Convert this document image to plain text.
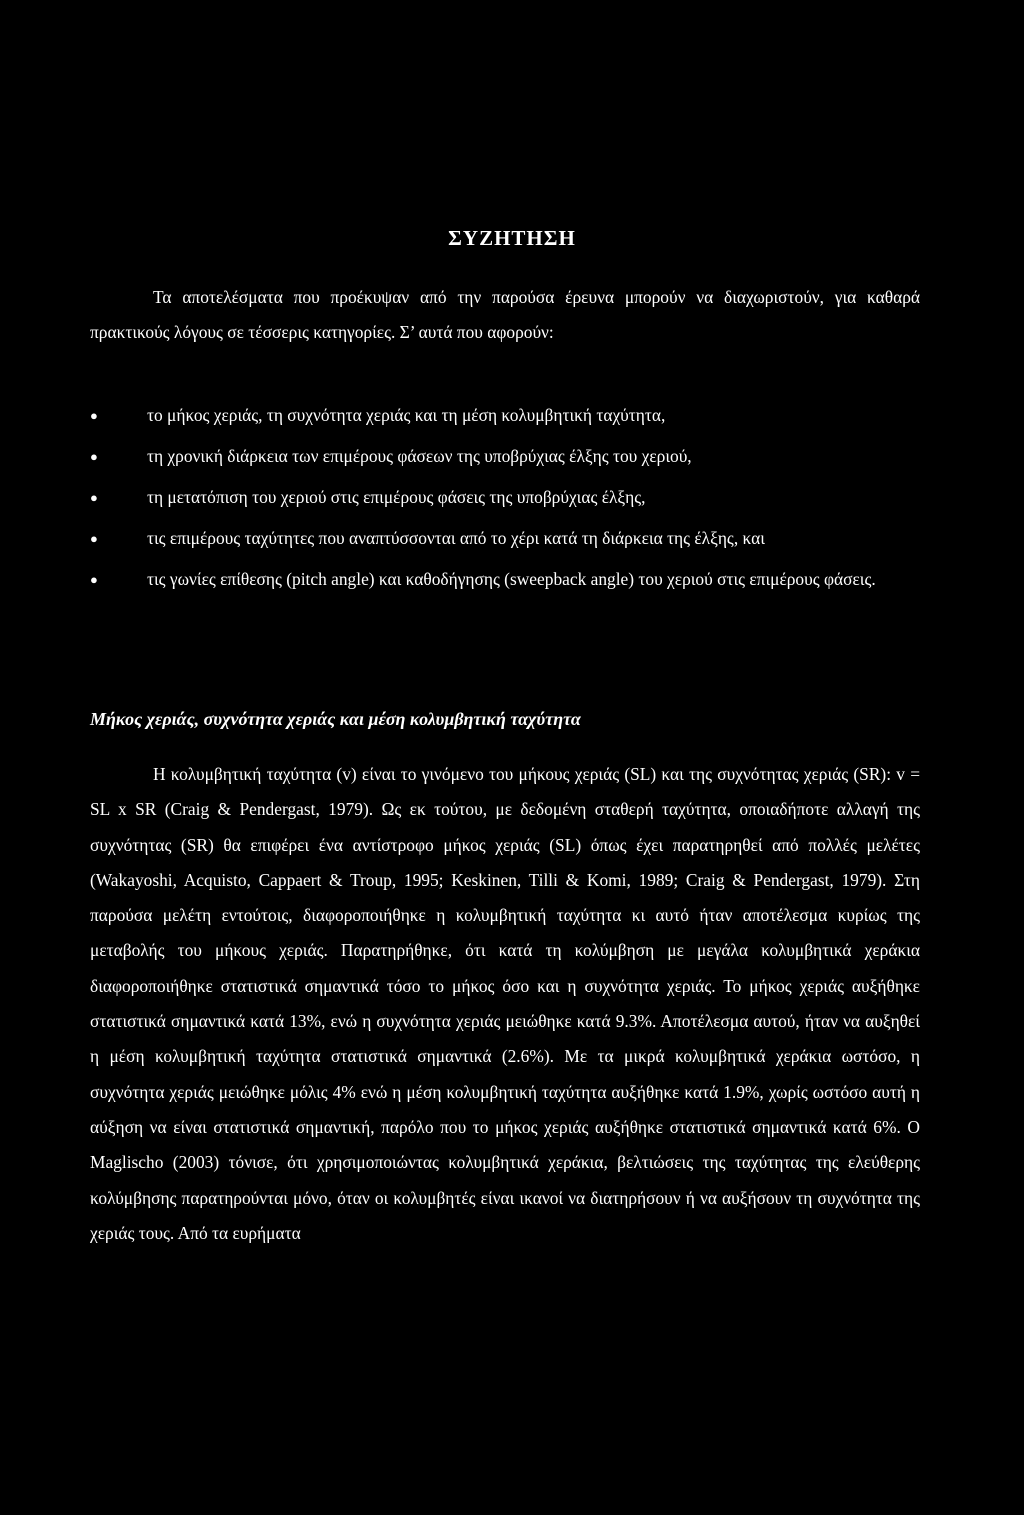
ΣΥΖΗΤΗΣΗ
Τα αποτελέσματα που προέκυψαν από την παρούσα έρευνα μπορούν να διαχωριστούν, για καθαρά πρακτικούς λόγους σε τέσσερις κατηγορίες. Σ’ αυτά που αφορούν:
●	το μήκος χεριάς, τη συχνότητα χεριάς και τη μέση κολυμβητική ταχύτητα,
●	τη χρονική διάρκεια των επιμέρους φάσεων της υποβρύχιας έλξης του χεριού,
●	τη μετατόπιση του χεριού στις επιμέρους φάσεις της υποβρύχιας έλξης,
●	τις επιμέρους ταχύτητες που αναπτύσσονται από το χέρι κατά τη διάρκεια της έλξης, και
●	τις γωνίες επίθεσης (pitch angle) και καθοδήγησης (sweepback angle) του χεριού στις επιμέρους φάσεις.
Μήκος χεριάς, συχνότητα χεριάς και μέση κολυμβητική ταχύτητα
Η κολυμβητική ταχύτητα (v) είναι το γινόμενο του μήκους χεριάς (SL) και της συχνότητας χεριάς (SR): v = SL x SR (Craig & Pendergast, 1979). Ως εκ τούτου, με δεδομένη σταθερή ταχύτητα, οποιαδήποτε αλλαγή της συχνότητας (SR) θα επιφέρει ένα αντίστροφο μήκος χεριάς (SL) όπως έχει παρατηρηθεί από πολλές μελέτες (Wakayoshi, Acquisto, Cappaert & Troup, 1995; Keskinen, Tilli & Komi, 1989; Craig & Pendergast, 1979). Στη παρούσα μελέτη εντούτοις, διαφοροποιήθηκε η κολυμβητική ταχύτητα κι αυτό ήταν αποτέλεσμα κυρίως της μεταβολής του μήκους χεριάς. Παρατηρήθηκε, ότι κατά τη κολύμβηση με μεγάλα κολυμβητικά χεράκια διαφοροποιήθηκε στατιστικά σημαντικά τόσο το μήκος όσο και η συχνότητα χεριάς. Το μήκος χεριάς αυξήθηκε στατιστικά σημαντικά κατά 13%, ενώ η συχνότητα χεριάς μειώθηκε κατά 9.3%. Αποτέλεσμα αυτού, ήταν να αυξηθεί η μέση κολυμβητική ταχύτητα στατιστικά σημαντικά (2.6%). Με τα μικρά κολυμβητικά χεράκια ωστόσο, η συχνότητα χεριάς μειώθηκε μόλις 4% ενώ η μέση κολυμβητική ταχύτητα αυξήθηκε κατά 1.9%, χωρίς ωστόσο αυτή η αύξηση να είναι στατιστικά σημαντική, παρόλο που το μήκος χεριάς αυξήθηκε στατιστικά σημαντικά κατά 6%. Ο Maglischo (2003) τόνισε, ότι χρησιμοποιώντας κολυμβητικά χεράκια, βελτιώσεις της ταχύτητας της ελεύθερης κολύμβησης παρατηρούνται μόνο, όταν οι κολυμβητές είναι ικανοί να διατηρήσουν ή να αυξήσουν τη συχνότητα της χεριάς τους. Από τα ευρήματα
